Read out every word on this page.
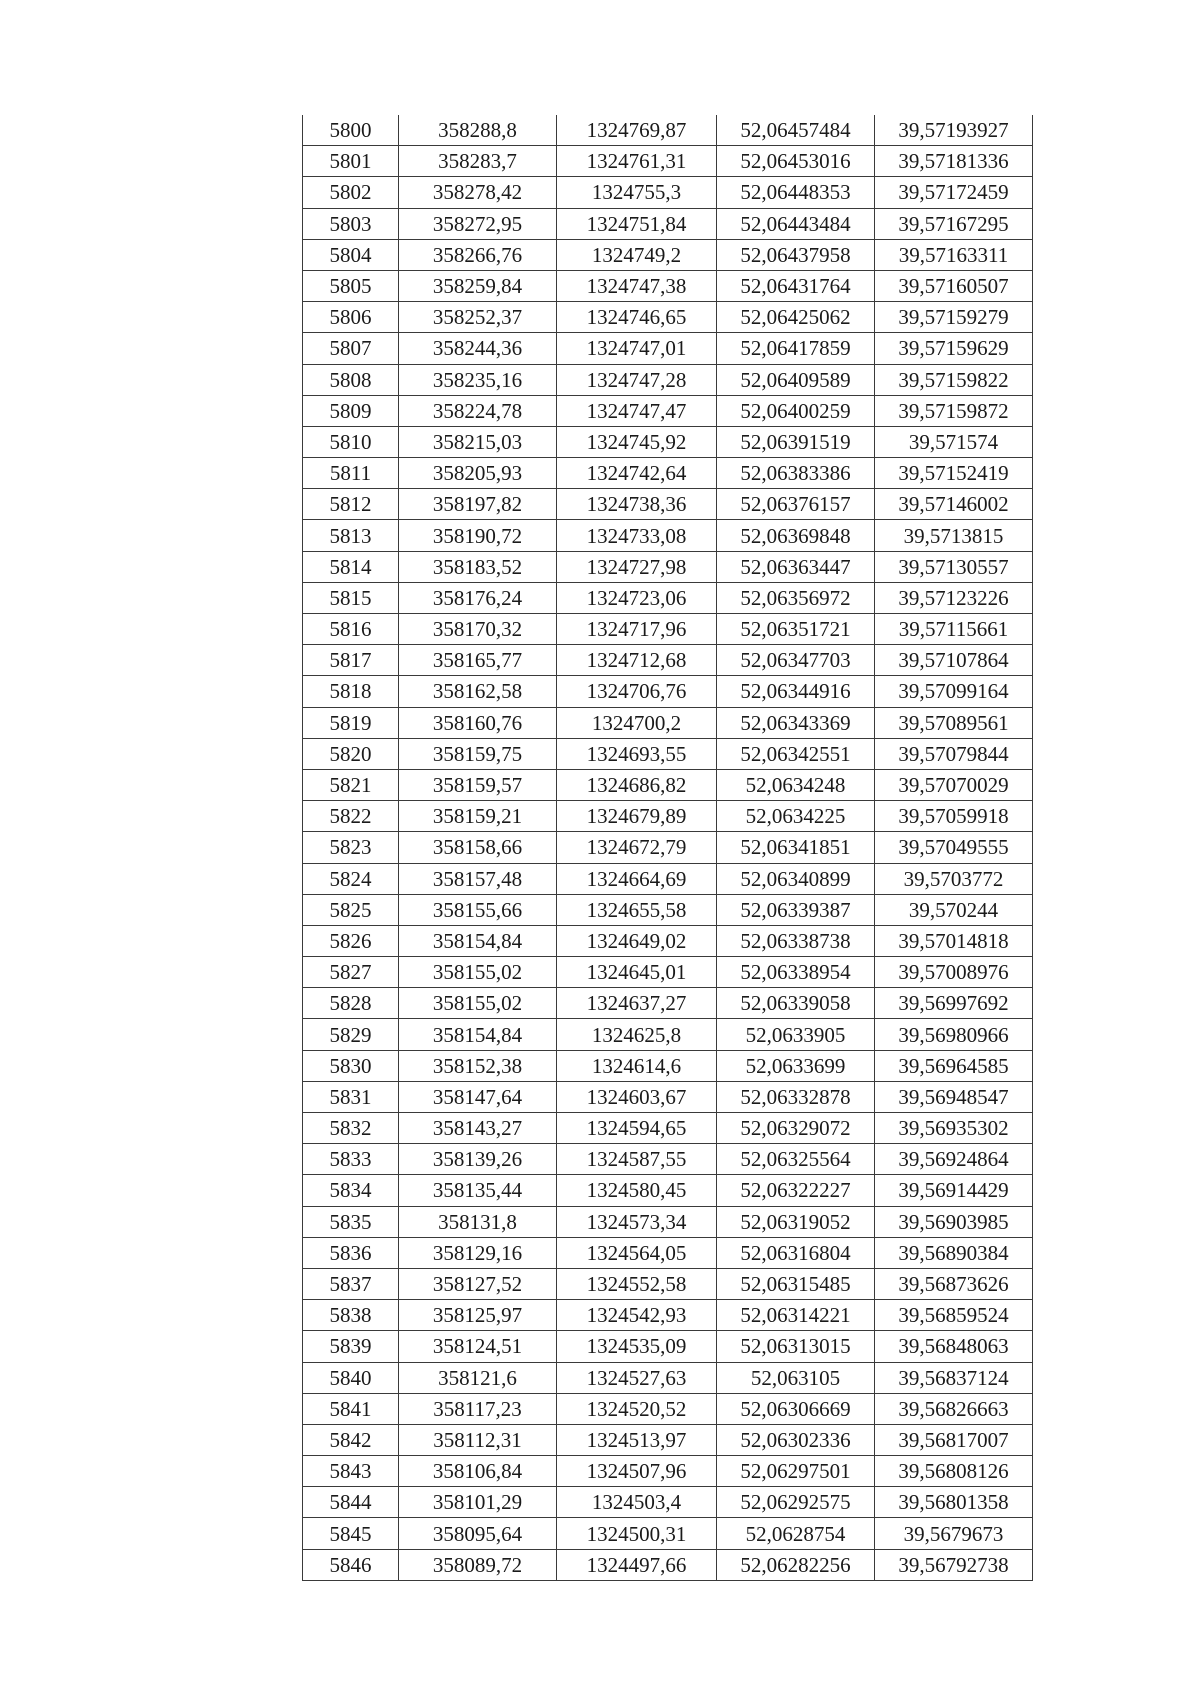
5800	358288,8	1324769,87	52,06457484	39,57193927
5801	358283,7	1324761,31	52,06453016	39,57181336
5802	358278,42	1324755,3	52,06448353	39,57172459
5803	358272,95	1324751,84	52,06443484	39,57167295
5804	358266,76	1324749,2	52,06437958	39,57163311
5805	358259,84	1324747,38	52,06431764	39,57160507
5806	358252,37	1324746,65	52,06425062	39,57159279
5807	358244,36	1324747,01	52,06417859	39,57159629
5808	358235,16	1324747,28	52,06409589	39,57159822
5809	358224,78	1324747,47	52,06400259	39,57159872
5810	358215,03	1324745,92	52,06391519	39,571574
5811	358205,93	1324742,64	52,06383386	39,57152419
5812	358197,82	1324738,36	52,06376157	39,57146002
5813	358190,72	1324733,08	52,06369848	39,5713815
5814	358183,52	1324727,98	52,06363447	39,57130557
5815	358176,24	1324723,06	52,06356972	39,57123226
5816	358170,32	1324717,96	52,06351721	39,57115661
5817	358165,77	1324712,68	52,06347703	39,57107864
5818	358162,58	1324706,76	52,06344916	39,57099164
5819	358160,76	1324700,2	52,06343369	39,57089561
5820	358159,75	1324693,55	52,06342551	39,57079844
5821	358159,57	1324686,82	52,0634248	39,57070029
5822	358159,21	1324679,89	52,0634225	39,57059918
5823	358158,66	1324672,79	52,06341851	39,57049555
5824	358157,48	1324664,69	52,06340899	39,5703772
5825	358155,66	1324655,58	52,06339387	39,570244
5826	358154,84	1324649,02	52,06338738	39,57014818
5827	358155,02	1324645,01	52,06338954	39,57008976
5828	358155,02	1324637,27	52,06339058	39,56997692
5829	358154,84	1324625,8	52,0633905	39,56980966
5830	358152,38	1324614,6	52,0633699	39,56964585
5831	358147,64	1324603,67	52,06332878	39,56948547
5832	358143,27	1324594,65	52,06329072	39,56935302
5833	358139,26	1324587,55	52,06325564	39,56924864
5834	358135,44	1324580,45	52,06322227	39,56914429
5835	358131,8	1324573,34	52,06319052	39,56903985
5836	358129,16	1324564,05	52,06316804	39,56890384
5837	358127,52	1324552,58	52,06315485	39,56873626
5838	358125,97	1324542,93	52,06314221	39,56859524
5839	358124,51	1324535,09	52,06313015	39,56848063
5840	358121,6	1324527,63	52,063105	39,56837124
5841	358117,23	1324520,52	52,06306669	39,56826663
5842	358112,31	1324513,97	52,06302336	39,56817007
5843	358106,84	1324507,96	52,06297501	39,56808126
5844	358101,29	1324503,4	52,06292575	39,56801358
5845	358095,64	1324500,31	52,0628754	39,5679673
5846	358089,72	1324497,66	52,06282256	39,56792738
